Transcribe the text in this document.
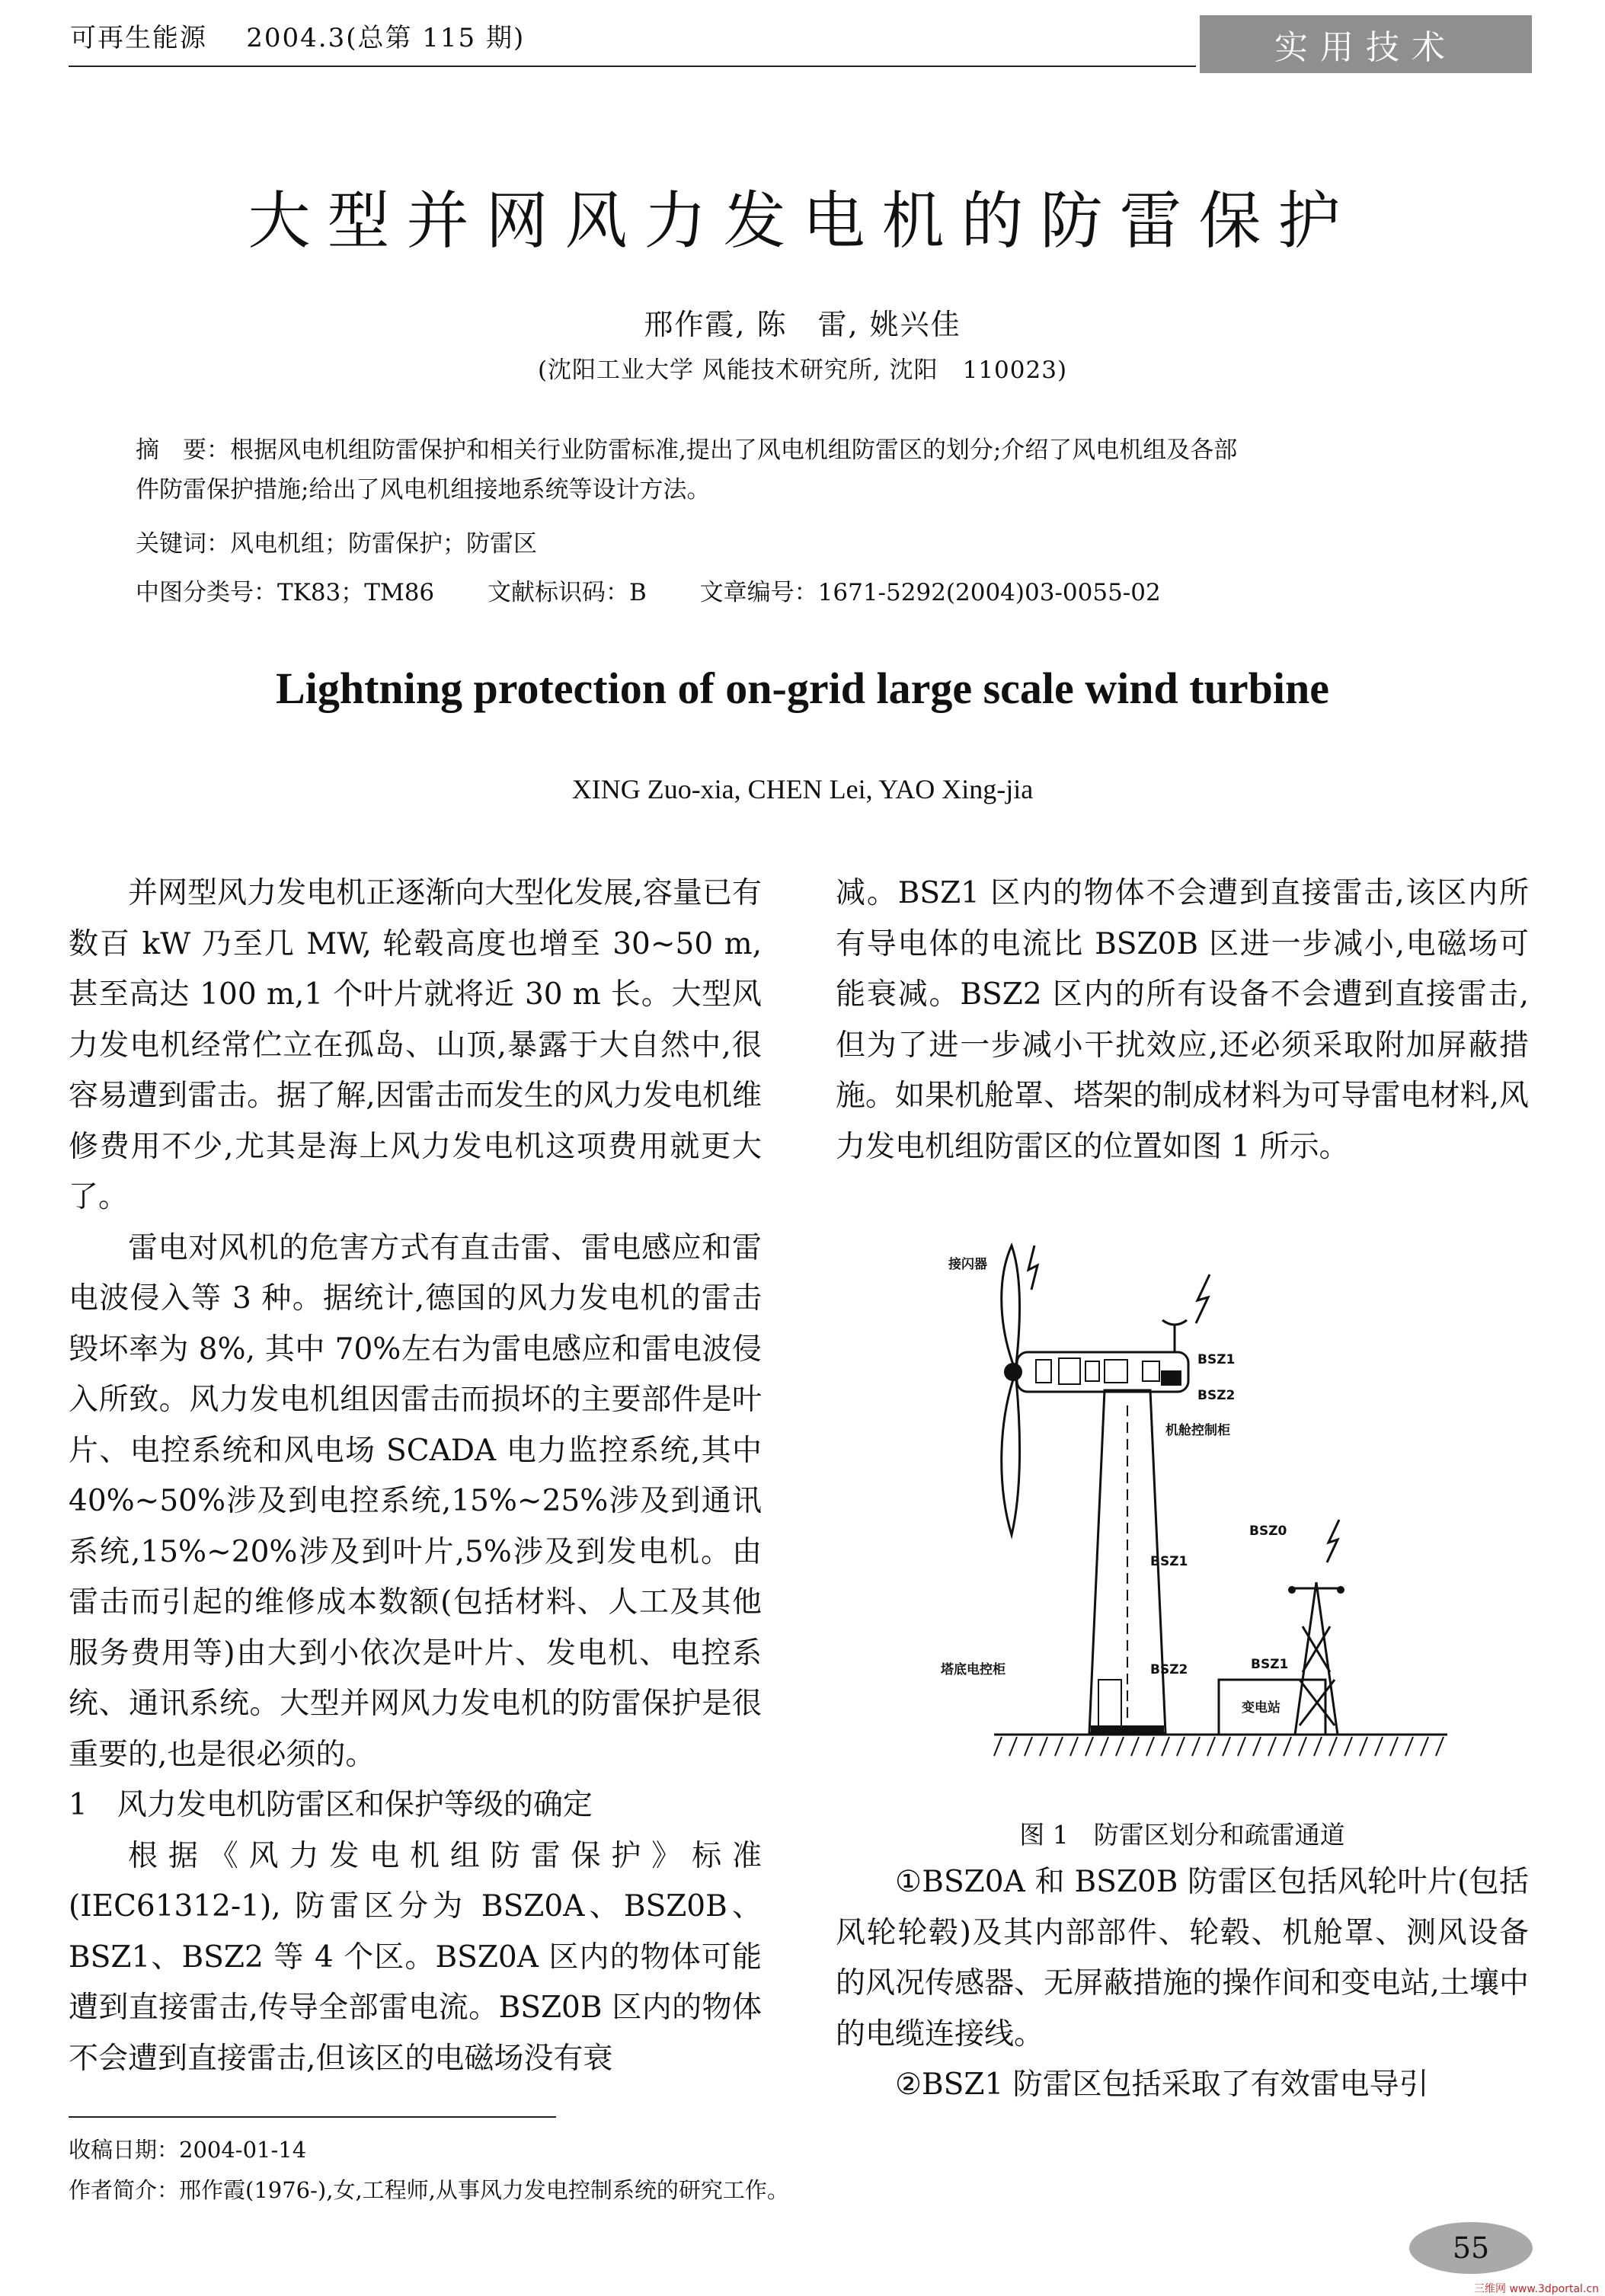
可再生能源 2004.3(总第 115 期)	实用技术
大型并网风力发电机的防雷保护
邢作霞, 陈　雷, 姚兴佳
(沈阳工业大学 风能技术研究所, 沈阳　110023)
摘　要：根据风电机组防雷保护和相关行业防雷标准,提出了风电机组防雷区的划分;介绍了风电机组及各部
件防雷保护措施;给出了风电机组接地系统等设计方法。
关键词：风电机组；防雷保护；防雷区
中图分类号：TK83；TM86 文献标识码：B 文章编号：1671-5292(2004)03-0055-02
Lightning protection of on-grid large scale wind turbine
XING Zuo-xia, CHEN Lei, YAO Xing-jia

并网型风力发电机正逐渐向大型化发展,容量已有数百 kW 乃至几 MW, 轮毂高度也增至 30~50 m,甚至高达 100 m,1 个叶片就将近 30 m 长。大型风力发电机经常伫立在孤岛、山顶,暴露于大自然中,很容易遭到雷击。据了解,因雷击而发生的风力发电机维修费用不少,尤其是海上风力发电机这项费用就更大了。

雷电对风机的危害方式有直击雷、雷电感应和雷电波侵入等 3 种。据统计,德国的风力发电机的雷击毁坏率为 8%, 其中 70%左右为雷电感应和雷电波侵入所致。风力发电机组因雷击而损坏的主要部件是叶片、电控系统和风电场 SCADA 电力监控系统,其中 40%~50%涉及到电控系统,15%~25%涉及到通讯系统,15%~20%涉及到叶片,5%涉及到发电机。由雷击而引起的维修成本数额(包括材料、人工及其他服务费用等)由大到小依次是叶片、发电机、电控系统、通讯系统。大型并网风力发电机的防雷保护是很重要的,也是很必须的。

1　风力发电机防雷区和保护等级的确定

根据《风力发电机组防雷保护》标准(IEC61312-1), 防雷区分为 BSZ0A、BSZ0B、BSZ1、BSZ2 等 4 个区。BSZ0A 区内的物体可能遭到直接雷击,传导全部雷电流。BSZ0B 区内的物体不会遭到直接雷击,但该区的电磁场没有衰

减。BSZ1 区内的物体不会遭到直接雷击,该区内所有导电体的电流比 BSZ0B 区进一步减小,电磁场可能衰减。BSZ2 区内的所有设备不会遭到直接雷击,但为了进一步减小干扰效应,还必须采取附加屏蔽措施。如果机舱罩、塔架的制成材料为可导雷电材料,风力发电机组防雷区的位置如图 1 所示。

接闪器
BSZ1
BSZ2
机舱控制柜
BSZ1
BSZ0
塔底电控柜	BSZ2	BSZ1
变电站
图 1　防雷区划分和疏雷通道

①BSZ0A 和 BSZ0B 防雷区包括风轮叶片(包括风轮轮毂)及其内部部件、轮毂、机舱罩、测风设备的风况传感器、无屏蔽措施的操作间和变电站,土壤中的电缆连接线。

②BSZ1 防雷区包括采取了有效雷电导引

收稿日期：2004-01-14
作者简介：邢作霞(1976-),女,工程师,从事风力发电控制系统的研究工作。
55
三维网 www.3dportal.cn
